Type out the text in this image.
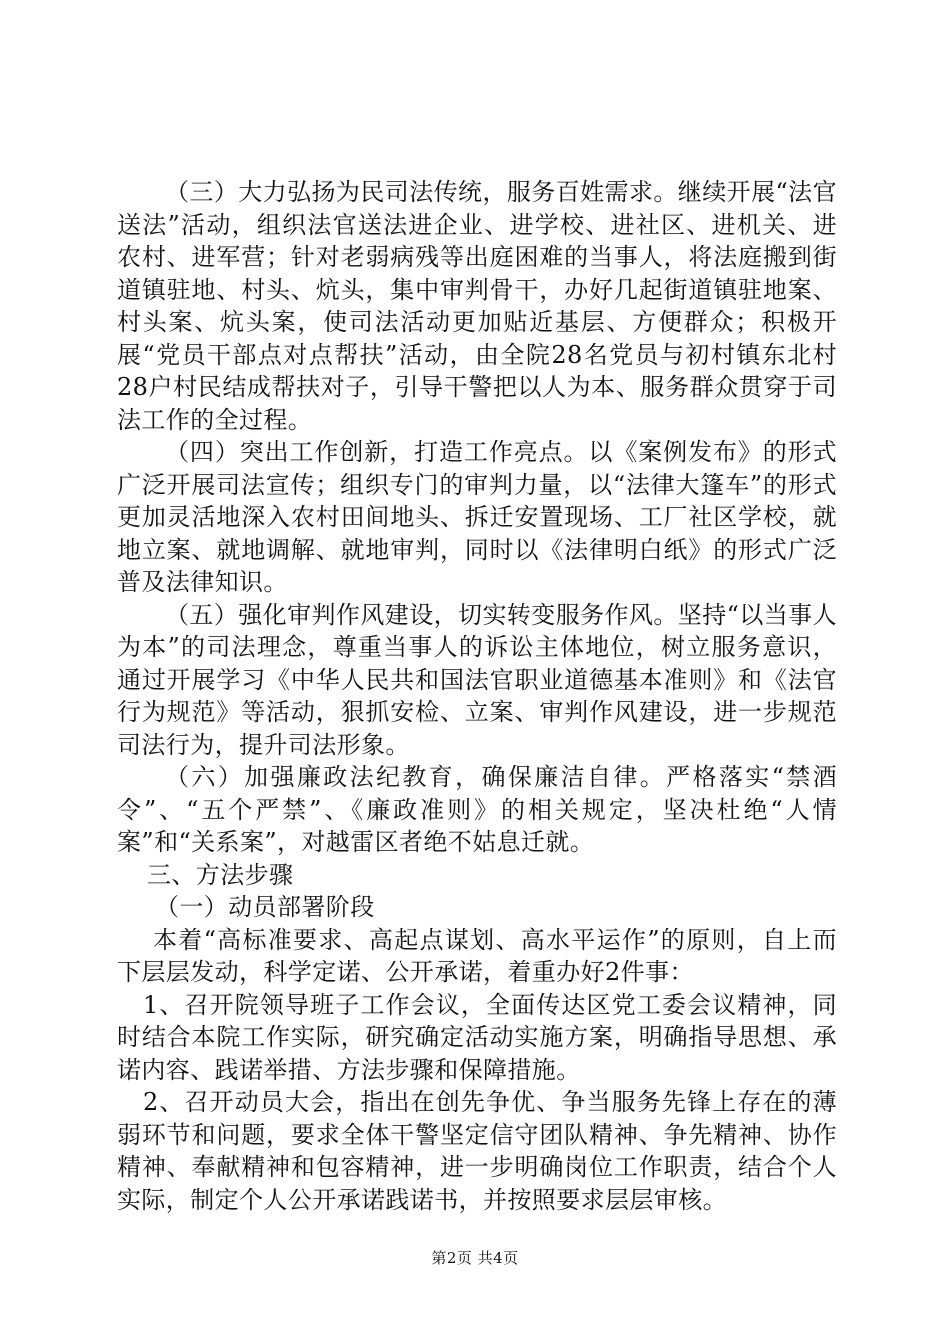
（三）大力弘扬为民司法传统，服务百姓需求。继续开展“法官送法”活动，组织法官送法进企业、进学校、进社区、进机关、进农村、进军营；针对老弱病残等出庭困难的当事人，将法庭搬到街道镇驻地、村头、炕头，集中审判骨干，办好几起街道镇驻地案、村头案、炕头案，使司法活动更加贴近基层、方便群众；积极开展“党员干部点对点帮扶”活动，由全院28名党员与初村镇东北村28户村民结成帮扶对子，引导干警把以人为本、服务群众贯穿于司法工作的全过程。

（四）突出工作创新，打造工作亮点。以《案例发布》的形式广泛开展司法宣传；组织专门的审判力量，以“法律大篷车”的形式更加灵活地深入农村田间地头、拆迁安置现场、工厂社区学校，就地立案、就地调解、就地审判，同时以《法律明白纸》的形式广泛普及法律知识。

（五）强化审判作风建设，切实转变服务作风。坚持“以当事人为本”的司法理念，尊重当事人的诉讼主体地位，树立服务意识，通过开展学习《中华人民共和国法官职业道德基本准则》和《法官行为规范》等活动，狠抓安检、立案、审判作风建设，进一步规范司法行为，提升司法形象。

（六）加强廉政法纪教育，确保廉洁自律。严格落实“禁酒令”、“五个严禁”、《廉政准则》的相关规定，坚决杜绝“人情案”和“关系案”，对越雷区者绝不姑息迁就。

三、方法步骤

（一）动员部署阶段

本着“高标准要求、高起点谋划、高水平运作”的原则，自上而下层层发动，科学定诺、公开承诺，着重办好2件事：

1、召开院领导班子工作会议，全面传达区党工委会议精神，同时结合本院工作实际，研究确定活动实施方案，明确指导思想、承诺内容、践诺举措、方法步骤和保障措施。

2、召开动员大会，指出在创先争优、争当服务先锋上存在的薄弱环节和问题，要求全体干警坚定信守团队精神、争先精神、协作精神、奉献精神和包容精神，进一步明确岗位工作职责，结合个人实际，制定个人公开承诺践诺书，并按照要求层层审核。

第2页 共4页
